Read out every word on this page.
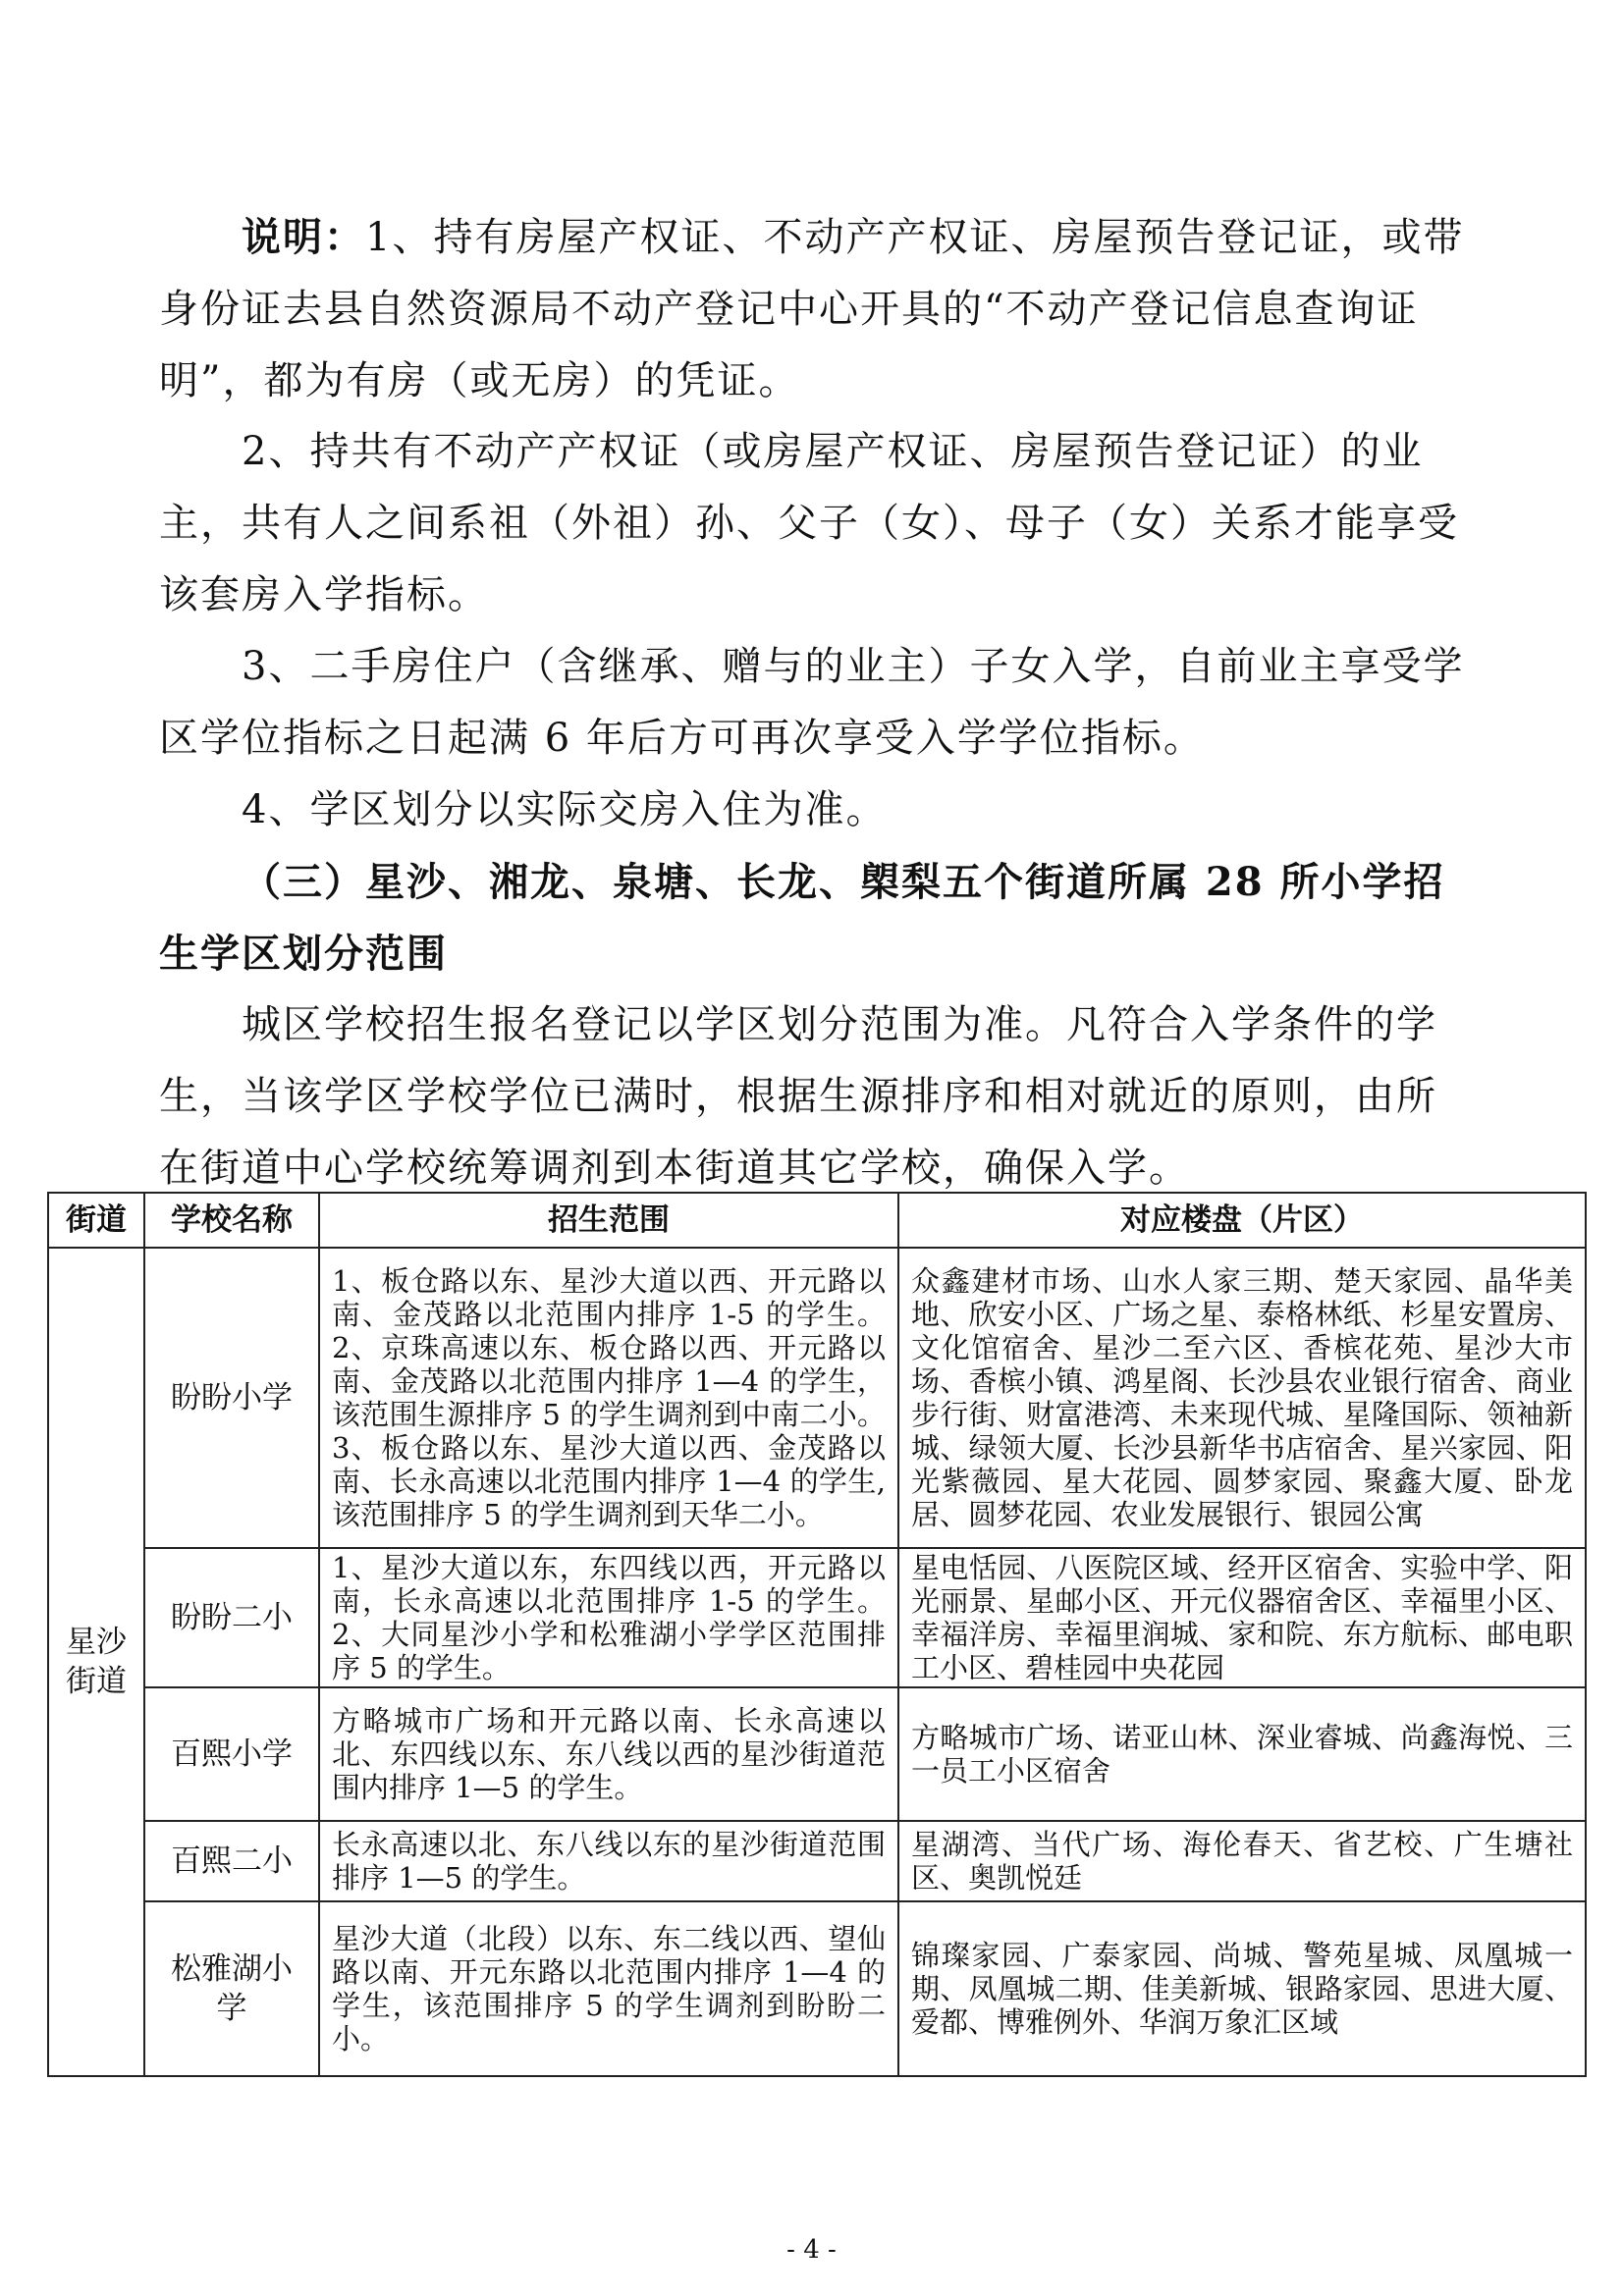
说明：1、持有房屋产权证、不动产产权证、房屋预告登记证，或带身份证去县自然资源局不动产登记中心开具的“不动产登记信息查询证明”，都为有房（或无房）的凭证。

2、持共有不动产产权证（或房屋产权证、房屋预告登记证）的业主，共有人之间系祖（外祖）孙、父子（女）、母子（女）关系才能享受该套房入学指标。

3、二手房住户（含继承、赠与的业主）子女入学，自前业主享受学区学位指标之日起满 6 年后方可再次享受入学学位指标。

4、学区划分以实际交房入住为准。

（三）星沙、湘龙、泉塘、长龙、㮾梨五个街道所属 28 所小学招生学区划分范围

城区学校招生报名登记以学区划分范围为准。凡符合入学条件的学生，当该学区学校学位已满时，根据生源排序和相对就近的原则，由所在街道中心学校统筹调剂到本街道其它学校，确保入学。

街道	学校名称	招生范围	对应楼盘（片区）
星沙街道	盼盼小学	1、板仓路以东、星沙大道以西、开元路以南、金茂路以北范围内排序 1-5 的学生。2、京珠高速以东、板仓路以西、开元路以南、金茂路以北范围内排序 1—4 的学生，该范围生源排序 5 的学生调剂到中南二小。3、板仓路以东、星沙大道以西、金茂路以南、长永高速以北范围内排序 1—4 的学生,该范围排序 5 的学生调剂到天华二小。	众鑫建材市场、山水人家三期、楚天家园、晶华美地、欣安小区、广场之星、泰格林纸、杉星安置房、文化馆宿舍、星沙二至六区、香槟花苑、星沙大市场、香槟小镇、鸿星阁、长沙县农业银行宿舍、商业步行街、财富港湾、未来现代城、星隆国际、领袖新城、绿领大厦、长沙县新华书店宿舍、星兴家园、阳光紫薇园、星大花园、圆梦家园、聚鑫大厦、卧龙居、圆梦花园、农业发展银行、银园公寓
	盼盼二小	1、星沙大道以东，东四线以西，开元路以南，长永高速以北范围排序 1-5 的学生。2、大同星沙小学和松雅湖小学学区范围排序 5 的学生。	星电恬园、八医院区域、经开区宿舍、实验中学、阳光丽景、星邮小区、开元仪器宿舍区、幸福里小区、幸福洋房、幸福里润城、家和院、东方航标、邮电职工小区、碧桂园中央花园
	百熙小学	方略城市广场和开元路以南、长永高速以北、东四线以东、东八线以西的星沙街道范围内排序 1—5 的学生。	方略城市广场、诺亚山林、深业睿城、尚鑫海悦、三一员工小区宿舍
	百熙二小	长永高速以北、东八线以东的星沙街道范围排序 1—5 的学生。	星湖湾、当代广场、海伦春天、省艺校、广生塘社区、奥凯悦廷
	松雅湖小学	星沙大道（北段）以东、东二线以西、望仙路以南、开元东路以北范围内排序 1—4 的学生，该范围排序 5 的学生调剂到盼盼二小。	锦璨家园、广泰家园、尚城、警苑星城、凤凰城一期、凤凰城二期、佳美新城、银路家园、思进大厦、爱都、博雅例外、华润万象汇区域
- 4 -
